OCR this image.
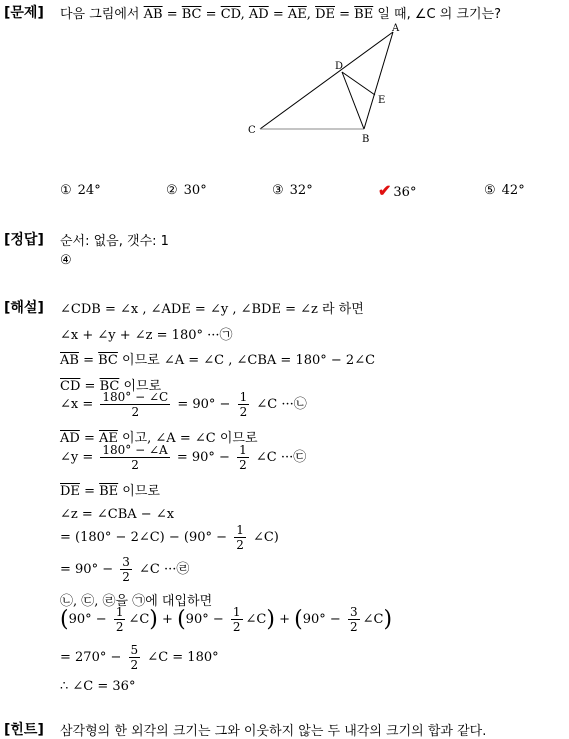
[문제] 다음 그림에서 $\overline{AB} = \overline{BC} = \overline{CD}$, $\overline{AD} = \overline{AE}$, $\overline{DE} = \overline{BE}$ 일 때, ∠C 의 크기는?
A
B
C
D
E
① 24°	② 30°	③ 32°	✔ 36°	⑤ 42°
[정답] 순서: 없음, 갯수: 1
④
[해설] ∠CDB = ∠x , ∠ADE = ∠y , ∠BDE = ∠z 라 하면
∠x + ∠y + ∠z = 180° ···㉠
$\overline{AB} = \overline{BC}$ 이므로 ∠A = ∠C , ∠CBA = 180° − 2∠C
$\overline{CD} = \overline{BC}$ 이므로
∠x = $\frac{180^\circ - \angle C}{2} = 90^\circ - \frac{1}{2}$ ∠C ···㉡
$\overline{AD} = \overline{AE}$ 이고, ∠A = ∠C 이므로
∠y = $\frac{180^\circ - \angle A}{2} = 90^\circ - \frac{1}{2}$ ∠C ···㉢
$\overline{DE} = \overline{BE}$ 이므로
∠z = ∠CBA − ∠x
= (180° − 2∠C) − ($90^\circ - \frac{1}{2}$ ∠C)
= $90^\circ - \frac{3}{2}$ ∠C ···㉣
㉡, ㉢, ㉣을 ㉠에 대입하면
($90^\circ - \frac{1}{2}$ ∠C) + ($90^\circ - \frac{1}{2}$ ∠C) + ($90^\circ - \frac{3}{2}$ ∠C)
= $270^\circ - \frac{5}{2}$ ∠C = 180°
∴ ∠C = 36°
[힌트] 삼각형의 한 외각의 크기는 그와 이웃하지 않는 두 내각의 크기의 합과 같다.
